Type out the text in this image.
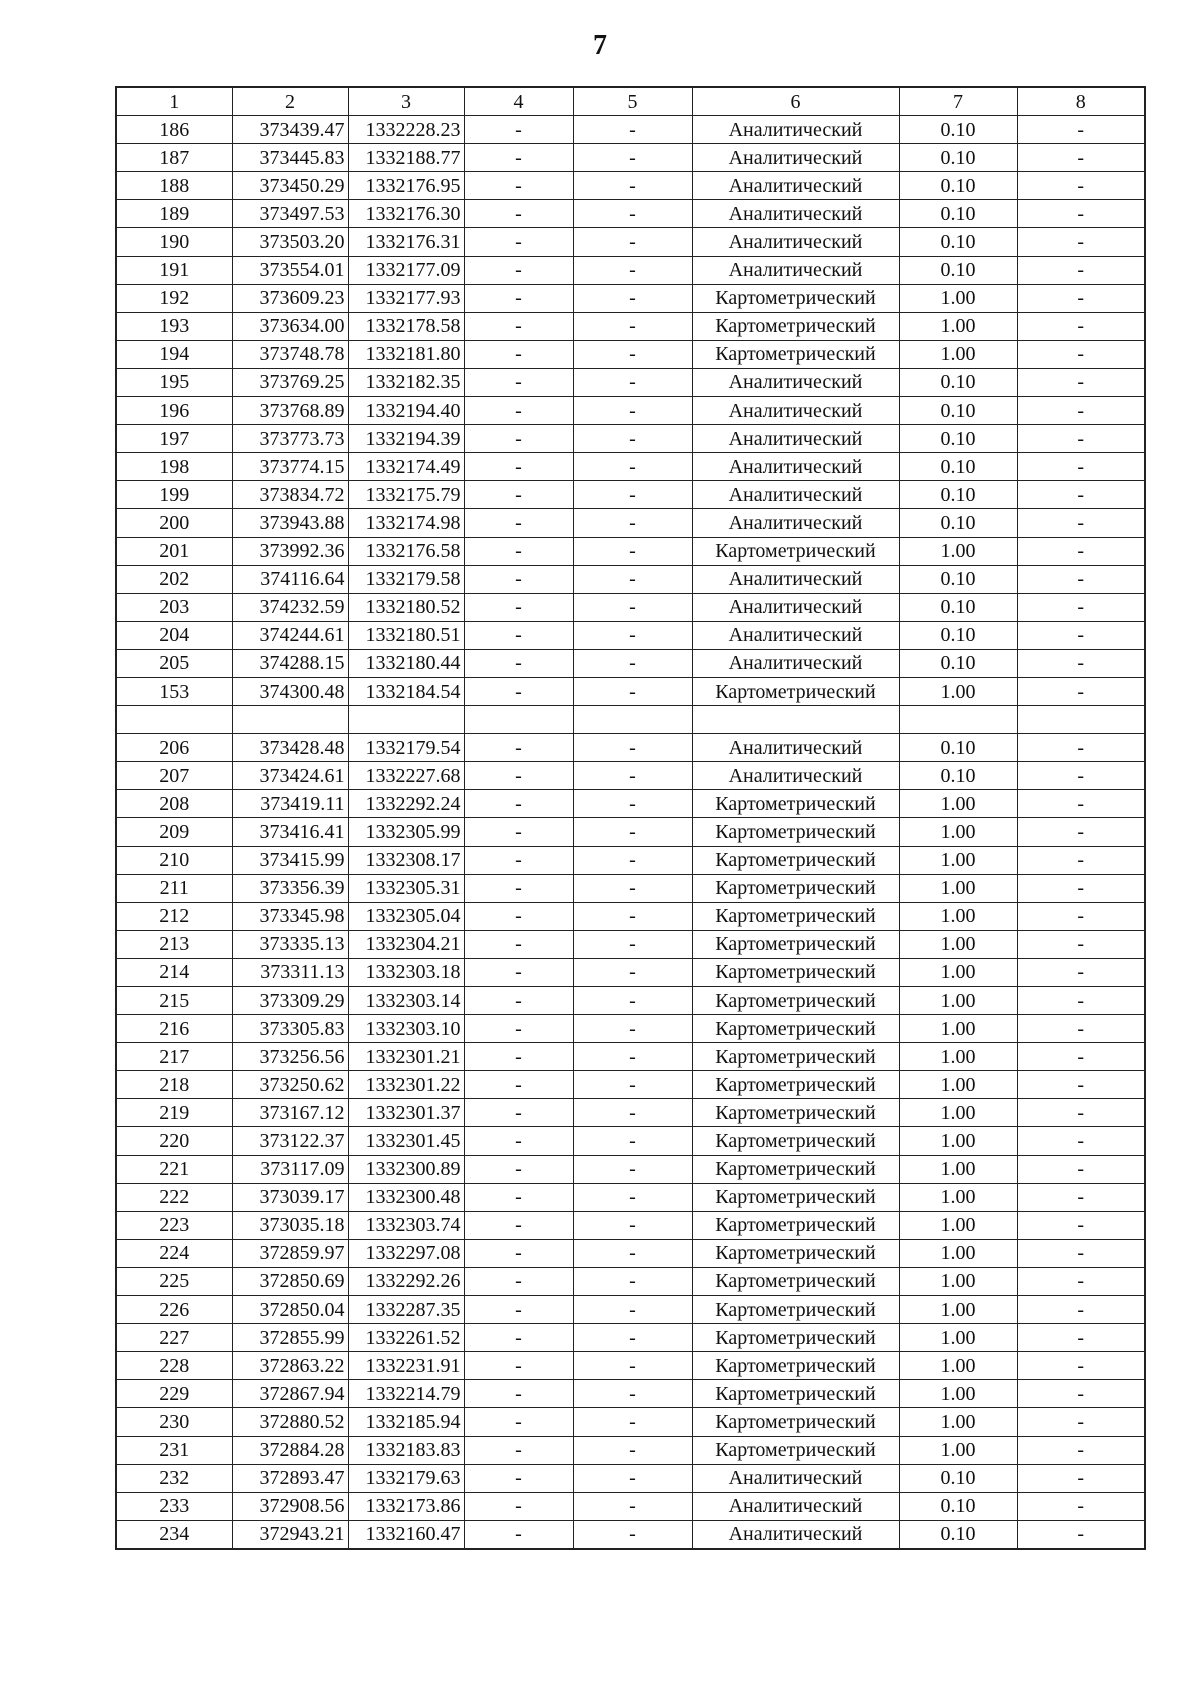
7
1	2	3	4	5	6	7	8
186	373439.47	1332228.23	-	-	Аналитический	0.10	-
187	373445.83	1332188.77	-	-	Аналитический	0.10	-
188	373450.29	1332176.95	-	-	Аналитический	0.10	-
189	373497.53	1332176.30	-	-	Аналитический	0.10	-
190	373503.20	1332176.31	-	-	Аналитический	0.10	-
191	373554.01	1332177.09	-	-	Аналитический	0.10	-
192	373609.23	1332177.93	-	-	Картометрический	1.00	-
193	373634.00	1332178.58	-	-	Картометрический	1.00	-
194	373748.78	1332181.80	-	-	Картометрический	1.00	-
195	373769.25	1332182.35	-	-	Аналитический	0.10	-
196	373768.89	1332194.40	-	-	Аналитический	0.10	-
197	373773.73	1332194.39	-	-	Аналитический	0.10	-
198	373774.15	1332174.49	-	-	Аналитический	0.10	-
199	373834.72	1332175.79	-	-	Аналитический	0.10	-
200	373943.88	1332174.98	-	-	Аналитический	0.10	-
201	373992.36	1332176.58	-	-	Картометрический	1.00	-
202	374116.64	1332179.58	-	-	Аналитический	0.10	-
203	374232.59	1332180.52	-	-	Аналитический	0.10	-
204	374244.61	1332180.51	-	-	Аналитический	0.10	-
205	374288.15	1332180.44	-	-	Аналитический	0.10	-
153	374300.48	1332184.54	-	-	Картометрический	1.00	-

206	373428.48	1332179.54	-	-	Аналитический	0.10	-
207	373424.61	1332227.68	-	-	Аналитический	0.10	-
208	373419.11	1332292.24	-	-	Картометрический	1.00	-
209	373416.41	1332305.99	-	-	Картометрический	1.00	-
210	373415.99	1332308.17	-	-	Картометрический	1.00	-
211	373356.39	1332305.31	-	-	Картометрический	1.00	-
212	373345.98	1332305.04	-	-	Картометрический	1.00	-
213	373335.13	1332304.21	-	-	Картометрический	1.00	-
214	373311.13	1332303.18	-	-	Картометрический	1.00	-
215	373309.29	1332303.14	-	-	Картометрический	1.00	-
216	373305.83	1332303.10	-	-	Картометрический	1.00	-
217	373256.56	1332301.21	-	-	Картометрический	1.00	-
218	373250.62	1332301.22	-	-	Картометрический	1.00	-
219	373167.12	1332301.37	-	-	Картометрический	1.00	-
220	373122.37	1332301.45	-	-	Картометрический	1.00	-
221	373117.09	1332300.89	-	-	Картометрический	1.00	-
222	373039.17	1332300.48	-	-	Картометрический	1.00	-
223	373035.18	1332303.74	-	-	Картометрический	1.00	-
224	372859.97	1332297.08	-	-	Картометрический	1.00	-
225	372850.69	1332292.26	-	-	Картометрический	1.00	-
226	372850.04	1332287.35	-	-	Картометрический	1.00	-
227	372855.99	1332261.52	-	-	Картометрический	1.00	-
228	372863.22	1332231.91	-	-	Картометрический	1.00	-
229	372867.94	1332214.79	-	-	Картометрический	1.00	-
230	372880.52	1332185.94	-	-	Картометрический	1.00	-
231	372884.28	1332183.83	-	-	Картометрический	1.00	-
232	372893.47	1332179.63	-	-	Аналитический	0.10	-
233	372908.56	1332173.86	-	-	Аналитический	0.10	-
234	372943.21	1332160.47	-	-	Аналитический	0.10	-
